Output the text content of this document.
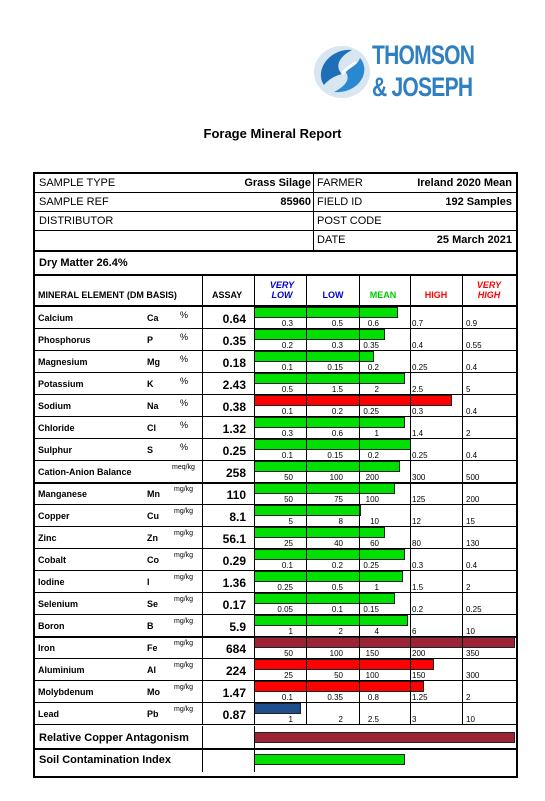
THOMSON
& JOSEPH
Forage Mineral Report
SAMPLE TYPE	Grass Silage FARMER	Ireland 2020 Mean
SAMPLE REF	85960 FIELD ID	192 Samples
DISTRIBUTOR	POST CODE
DATE	25 March 2021
Dry Matter 26.4%
MINERAL ELEMENT (DM BASIS)	ASSAY
VERY LOW	LOW	MEAN	HIGH
VERY HIGH
Calcium	Ca %	0.64	0.3	0.5	0.6	0.7	0.9
Phosphorus	P	%	0.35	0.2	0.3	0.35	0.4	0.55
Magnesium	Mg %	0.18	0.1	0.15	0.2	0.25	0.4
Potassium	K	%	2.43	0.5	1.5	2	2.5	5
Sodium	Na %	0.38	0.1	0.2	0.25	0.3	0.4
Chloride	Cl	%	1.32	0.3	0.6	1	1.4	2
Sulphur	S	%	0.25	0.1	0.15	0.2	0.25	0.4
Cation-Anion Balance	meq/kg	258	50	100	200	300	500
Manganese	Mn mg/kg	110	50	75	100	125	200
Copper	Cu mg/kg	8.1	5	8	10	12	15
Zinc	Zn mg/kg	56.1	25	40	60	80	130
Cobalt	Co mg/kg	0.29	0.1	0.2	0.25	0.3	0.4
Iodine	I	mg/kg	1.36	0.25	0.5	1	1.5	2
Selenium	Se mg/kg	0.17	0.05	0.1	0.15	0.2	0.25
Boron	B	mg/kg	5.9	1	2	4	6	10
Iron	Fe mg/kg	684	50	100	150	200	350
Aluminium	Al	mg/kg	224	25	50	100	150	300
Molybdenum	Mo mg/kg	1.47	0.1	0.35	0.8	1.25	2
Lead	Pb mg/kg	0.87	1	2	2.5	3	10
Relative Copper Antagonism
Soil Contamination Index
